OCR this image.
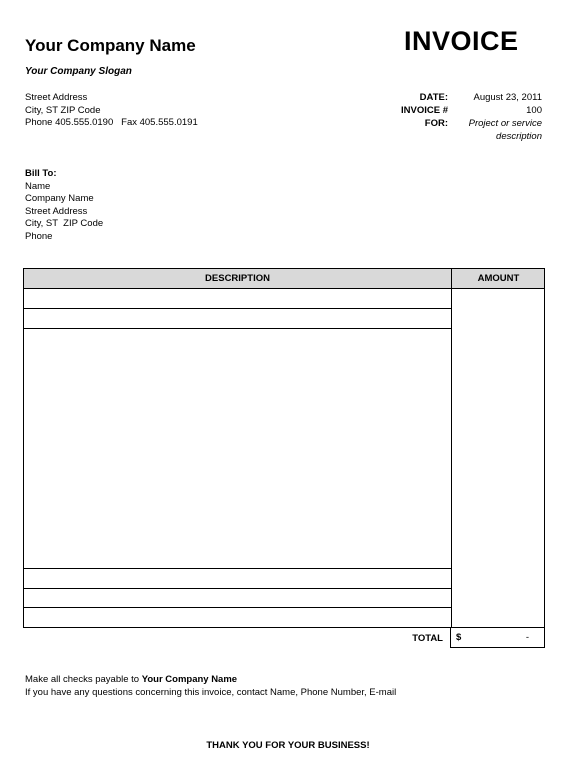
Your Company Name
Your Company Slogan
INVOICE
Street Address
City, ST ZIP Code
Phone 405.555.0190   Fax 405.555.0191
DATE:	August 23, 2011
INVOICE #	100
FOR: Project or service
description
Bill To:
Name
Company Name
Street Address
City, ST  ZIP Code
Phone
DESCRIPTION	AMOUNT
TOTAL $	-
Make all checks payable to Your Company Name
If you have any questions concerning this invoice, contact Name, Phone Number, E-mail
THANK YOU FOR YOUR BUSINESS!
